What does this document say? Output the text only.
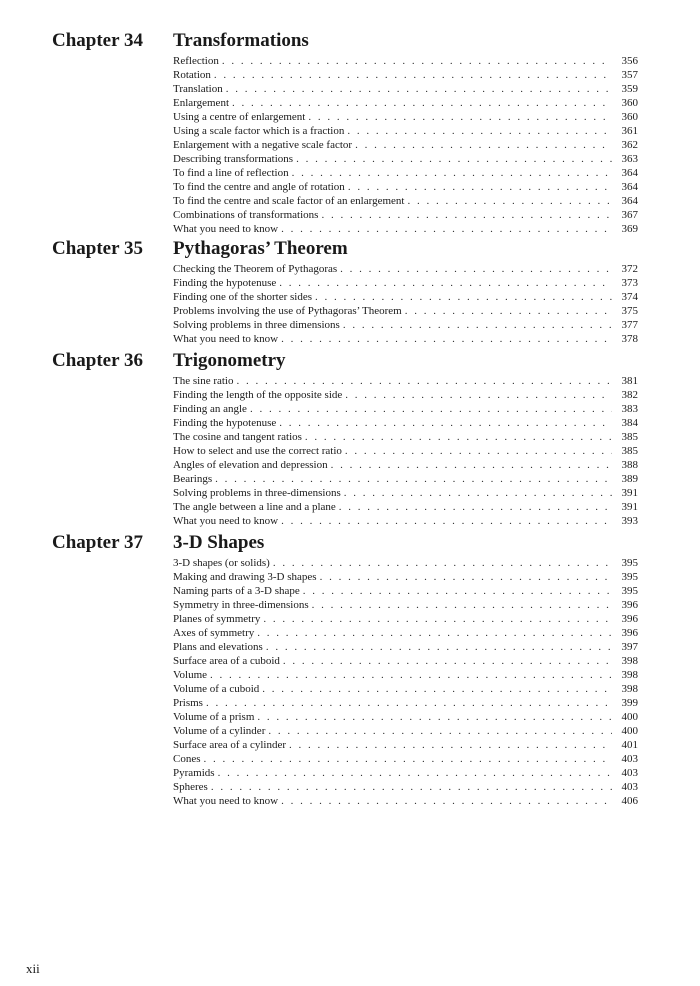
Chapter 34 Transformations
Reflection . . .	356
Rotation . . .	357
Translation . . .	359
Enlargement . . .	360
Using a centre of enlargement . . .	360
Using a scale factor which is a fraction . . .	361
Enlargement with a negative scale factor . . .	362
Describing transformations . . .	363
To find a line of reflection . . .	364
To find the centre and angle of rotation . . .	364
To find the centre and scale factor of an enlargement . . .	364
Combinations of transformations . . .	367
What you need to know . . .	369
Chapter 35 Pythagoras’ Theorem
Checking the Theorem of Pythagoras . . .	372
Finding the hypotenuse . . .	373
Finding one of the shorter sides . . .	374
Problems involving the use of Pythagoras’ Theorem . . .	375
Solving problems in three dimensions . . .	377
What you need to know . . .	378
Chapter 36 Trigonometry
The sine ratio . . .	381
Finding the length of the opposite side . . .	382
Finding an angle . . .	383
Finding the hypotenuse . . .	384
The cosine and tangent ratios . . .	385
How to select and use the correct ratio . . .	385
Angles of elevation and depression . . .	388
Bearings . . .	389
Solving problems in three-dimensions . . .	391
The angle between a line and a plane . . .	391
What you need to know . . .	393
Chapter 37 3-D Shapes
3-D shapes (or solids) . . .	395
Making and drawing 3-D shapes . . .	395
Naming parts of a 3-D shape . . .	395
Symmetry in three-dimensions . . .	396
Planes of symmetry . . .	396
Axes of symmetry . . .	396
Plans and elevations . . .	397
Surface area of a cuboid . . .	398
Volume . . .	398
Volume of a cuboid . . .	398
Prisms . . .	399
Volume of a prism . . .	400
Volume of a cylinder . . .	400
Surface area of a cylinder . . .	401
Cones . . .	403
Pyramids . . .	403
Spheres . . .	403
What you need to know . . .	406
xii
